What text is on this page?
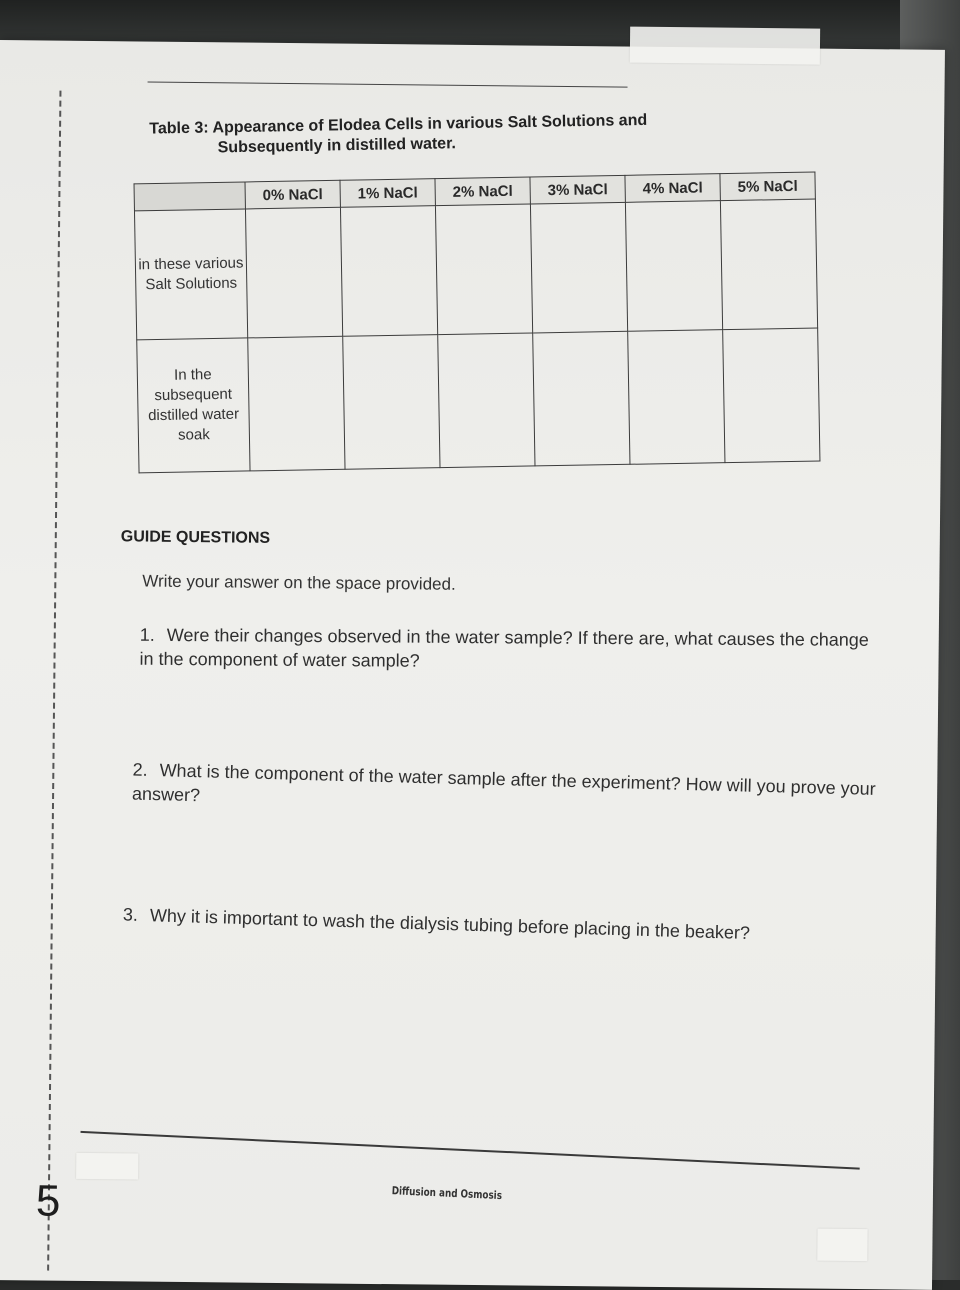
Table 3: Appearance of Elodea Cells in various Salt Solutions and
Subsequently in distilled water.
	0% NaCl	1% NaCl	2% NaCl	3% NaCl	4% NaCl	5% NaCl
in these various Salt Solutions						
In the subsequent distilled water soak						
GUIDE QUESTIONS
Write your answer on the space provided.
1. Were their changes observed in the water sample? If there are, what causes the change in the component of water sample?
2. What is the component of the water sample after the experiment? How will you prove your answer?
3. Why it is important to wash the dialysis tubing before placing in the beaker?
Diffusion and Osmosis
5
